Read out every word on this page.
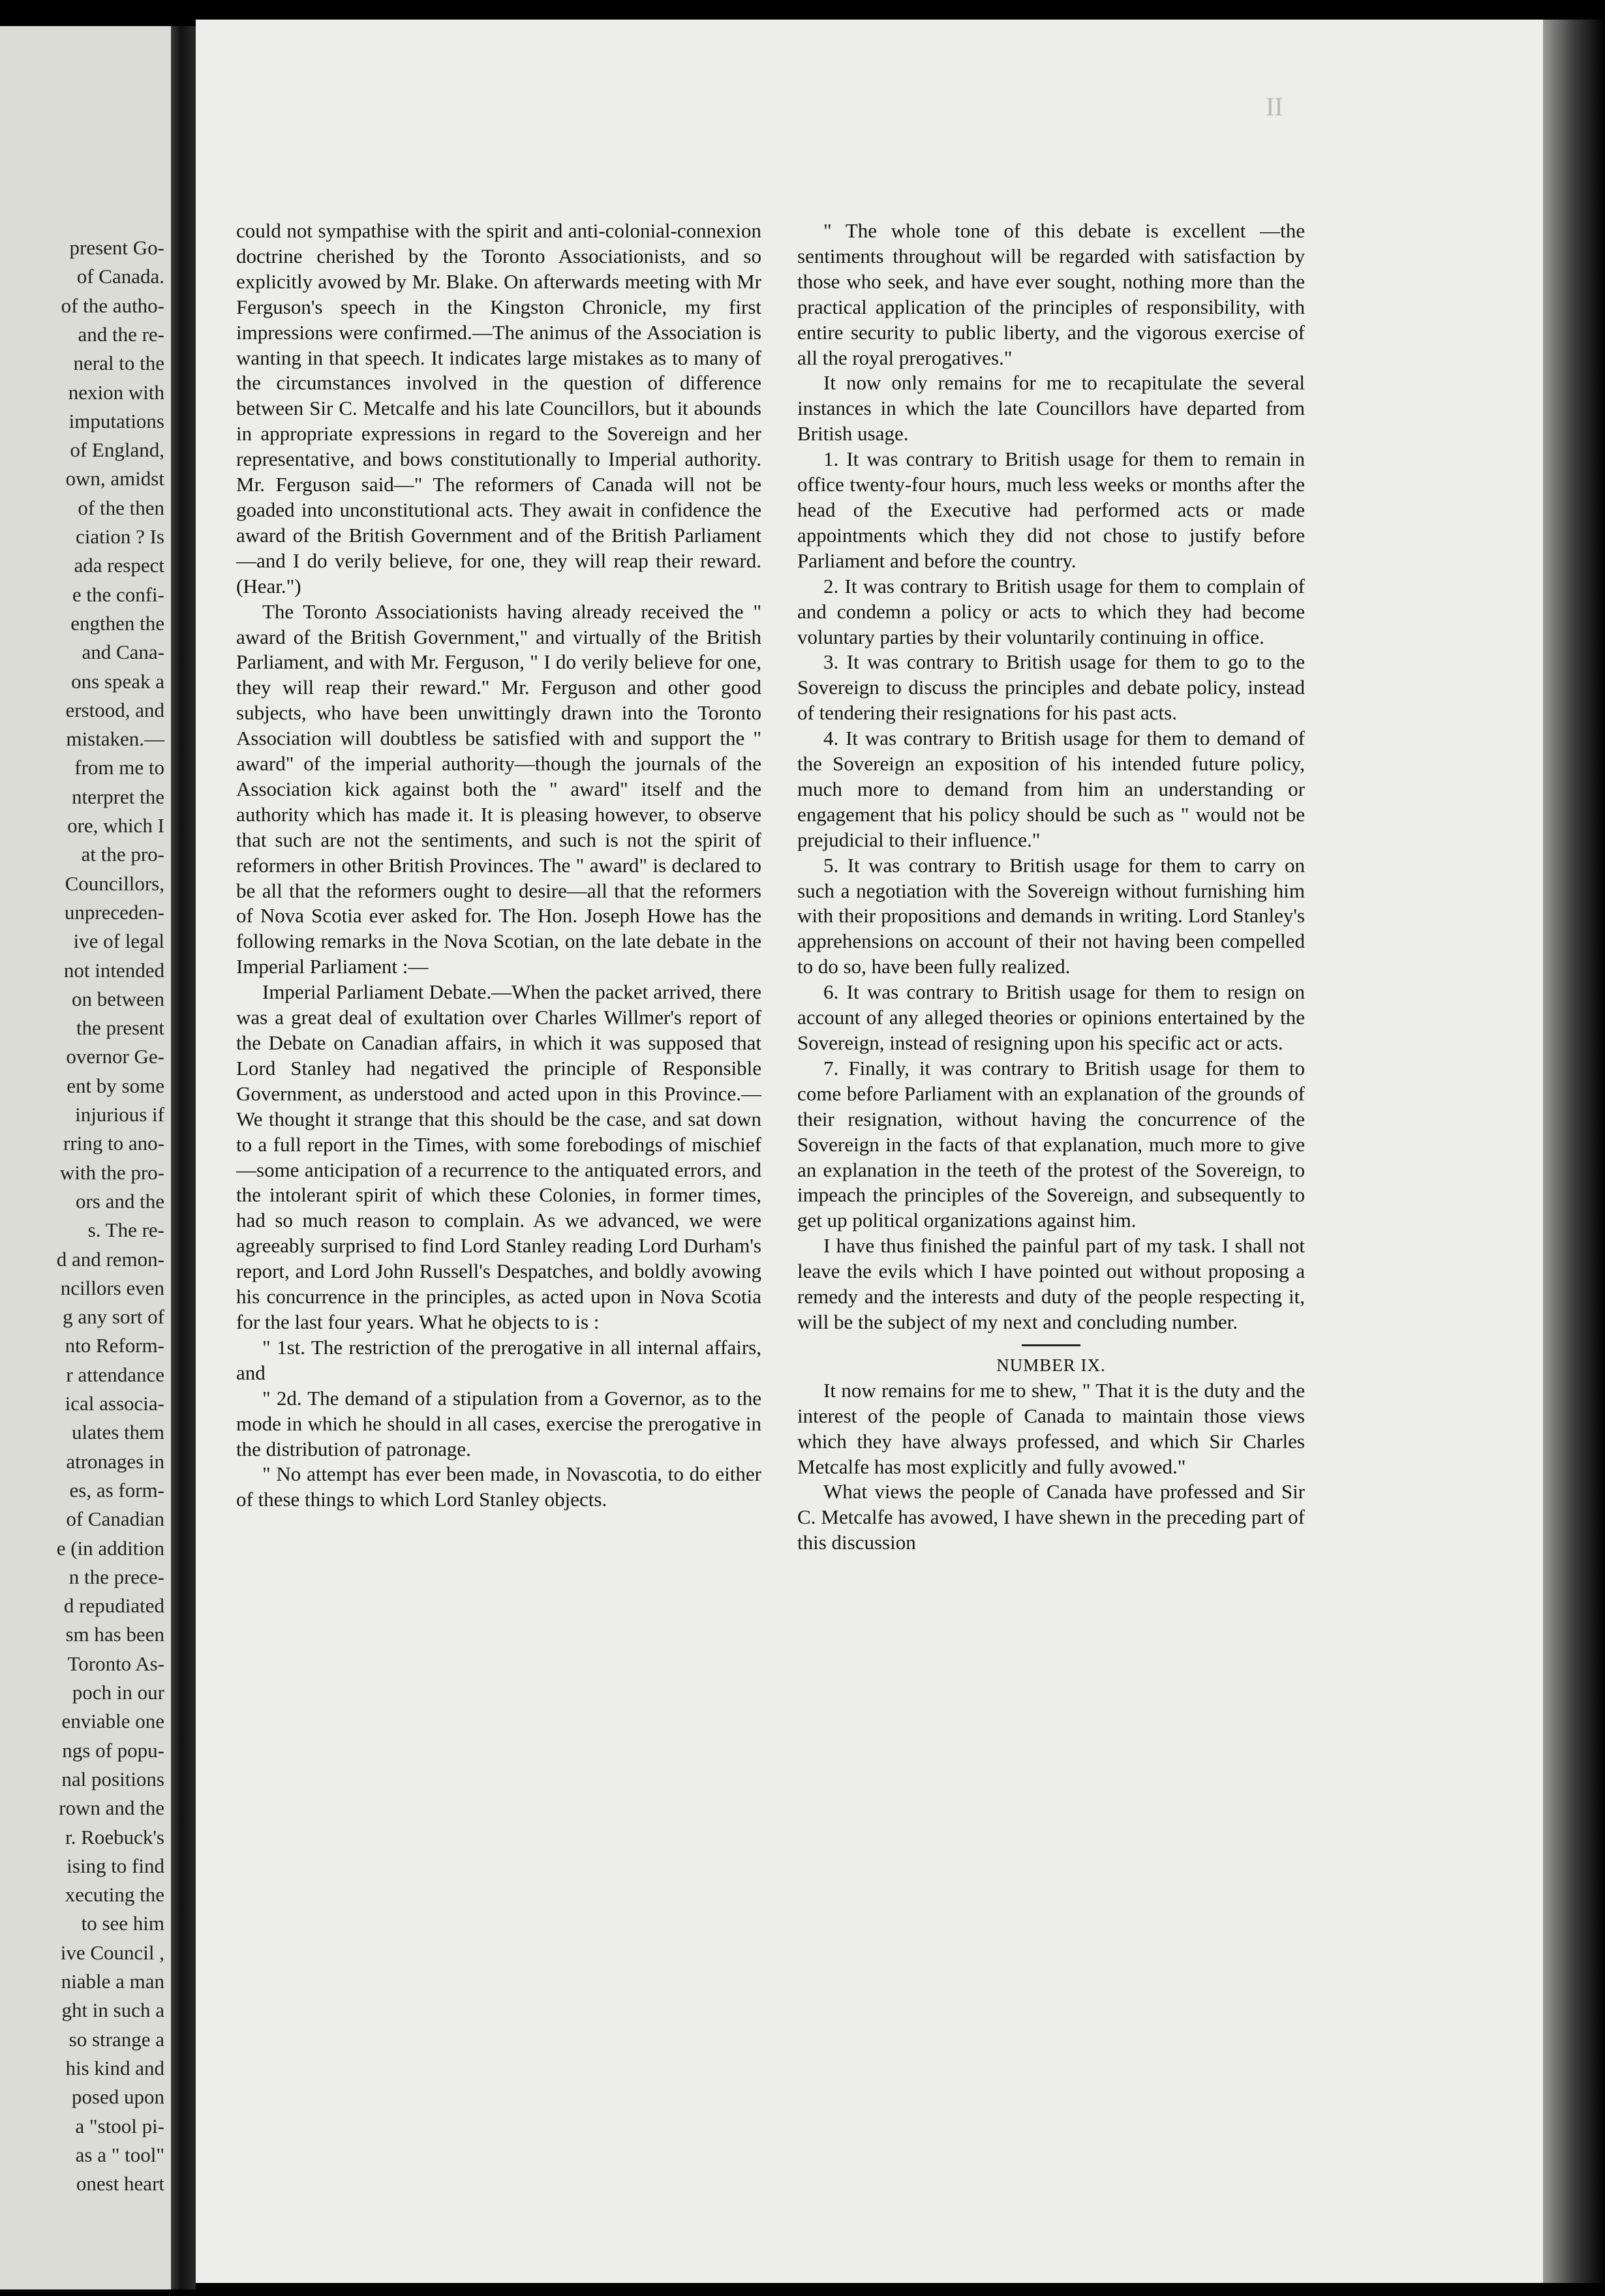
present Go-
of Canada.
of the autho-
and the re-
neral to the
nexion with
imputations
of England,
own, amidst
of the then
ciation ? Is
ada respect
e the confi-
engthen the
and Cana-
ons speak a
erstood, and
mistaken.—
from me to
nterpret the
ore, which I
at the pro-
Councillors,
unpreceden-
ive of legal
not intended
on between
the present
overnor Ge-
ent by some
injurious if
rring to ano-
with the pro-
ors and the
s. The re-
d and remon-
ncillors even
g any sort of
nto Reform-
r attendance
ical associa-
ulates them
atronages in
es, as form-
of Canadian
e (in addition
n the prece-
d repudiated
sm has been
Toronto As-
poch in our
enviable one
ngs of popu-
nal positions
rown and the
r. Roebuck's
ising to find
xecuting the
to see him
ive Council ,
niable a man
ght in such a
so strange a
his kind and
posed upon
a "stool pi-
as a " tool"
onest heart
II

could not sympathise with the spirit and anti-colonial-connexion doctrine cherished by the Toronto Associationists, and so explicitly avowed by Mr. Blake. On afterwards meeting with Mr Ferguson's speech in the Kingston Chronicle, my first impressions were confirmed.—The animus of the Association is wanting in that speech. It indicates large mistakes as to many of the circumstances involved in the question of difference between Sir C. Metcalfe and his late Councillors, but it abounds in appropriate expressions in regard to the Sovereign and her representative, and bows constitutionally to Imperial authority. Mr. Ferguson said—" The reformers of Canada will not be goaded into unconstitutional acts. They await in confidence the award of the British Government and of the British Parliament—and I do verily believe, for one, they will reap their reward. (Hear.")

The Toronto Associationists having already received the " award of the British Government," and virtually of the British Parliament, and with Mr. Ferguson, " I do verily believe for one, they will reap their reward." Mr. Ferguson and other good subjects, who have been unwittingly drawn into the Toronto Association will doubtless be satisfied with and support the " award" of the imperial authority—though the journals of the Association kick against both the " award" itself and the authority which has made it. It is pleasing however, to observe that such are not the sentiments, and such is not the spirit of reformers in other British Provinces. The " award" is declared to be all that the reformers ought to desire—all that the reformers of Nova Scotia ever asked for. The Hon. Joseph Howe has the following remarks in the Nova Scotian, on the late debate in the Imperial Parliament :—

Imperial Parliament Debate.—When the packet arrived, there was a great deal of exultation over Charles Willmer's report of the Debate on Canadian affairs, in which it was supposed that Lord Stanley had negatived the principle of Responsible Government, as understood and acted upon in this Province.— We thought it strange that this should be the case, and sat down to a full report in the Times, with some forebodings of mischief—some anticipation of a recurrence to the antiquated errors, and the intolerant spirit of which these Colonies, in former times, had so much reason to complain. As we advanced, we were agreeably surprised to find Lord Stanley reading Lord Durham's report, and Lord John Russell's Despatches, and boldly avowing his concurrence in the principles, as acted upon in Nova Scotia for the last four years. What he objects to is :

" 1st. The restriction of the prerogative in all internal affairs, and

" 2d. The demand of a stipulation from a Governor, as to the mode in which he should in all cases, exercise the prerogative in the distribution of patronage.

" No attempt has ever been made, in Novascotia, to do either of these things to which Lord Stanley objects.

" The whole tone of this debate is excellent —the sentiments throughout will be regarded with satisfaction by those who seek, and have ever sought, nothing more than the practical application of the principles of responsibility, with entire security to public liberty, and the vigorous exercise of all the royal prerogatives."

It now only remains for me to recapitulate the several instances in which the late Councillors have departed from British usage.

1. It was contrary to British usage for them to remain in office twenty-four hours, much less weeks or months after the head of the Executive had performed acts or made appointments which they did not chose to justify before Parliament and before the country.

2. It was contrary to British usage for them to complain of and condemn a policy or acts to which they had become voluntary parties by their voluntarily continuing in office.

3. It was contrary to British usage for them to go to the Sovereign to discuss the principles and debate policy, instead of tendering their resignations for his past acts.

4. It was contrary to British usage for them to demand of the Sovereign an exposition of his intended future policy, much more to demand from him an understanding or engagement that his policy should be such as " would not be prejudicial to their influence."

5. It was contrary to British usage for them to carry on such a negotiation with the Sovereign without furnishing him with their propositions and demands in writing. Lord Stanley's apprehensions on account of their not having been compelled to do so, have been fully realized.

6. It was contrary to British usage for them to resign on account of any alleged theories or opinions entertained by the Sovereign, instead of resigning upon his specific act or acts.

7. Finally, it was contrary to British usage for them to come before Parliament with an explanation of the grounds of their resignation, without having the concurrence of the Sovereign in the facts of that explanation, much more to give an explanation in the teeth of the protest of the Sovereign, to impeach the principles of the Sovereign, and subsequently to get up political organizations against him.

I have thus finished the painful part of my task. I shall not leave the evils which I have pointed out without proposing a remedy and the interests and duty of the people respecting it, will be the subject of my next and concluding number.

NUMBER IX.

It now remains for me to shew, " That it is the duty and the interest of the people of Canada to maintain those views which they have always professed, and which Sir Charles Metcalfe has most explicitly and fully avowed."

What views the people of Canada have professed and Sir C. Metcalfe has avowed, I have shewn in the preceding part of this discussion
